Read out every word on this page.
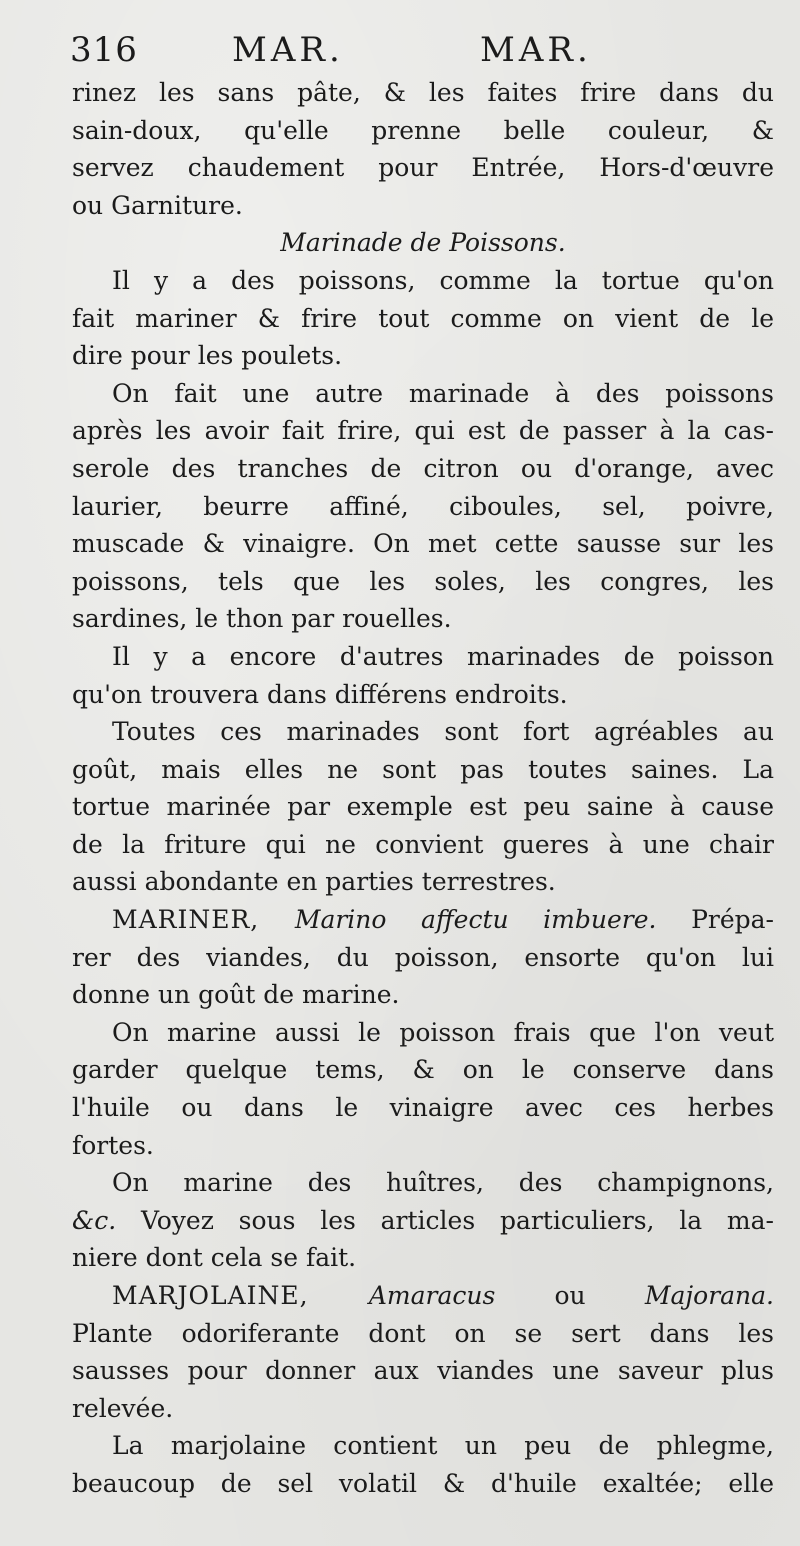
316	MAR.	MAR.
rinez les sans pâte, & les faites frire dans du
sain-doux, qu'elle prenne belle couleur, &
servez chaudement pour Entrée, Hors-d'œuvre
ou Garniture.
Marinade de Poissons.
Il y a des poissons, comme la tortue qu'on
fait mariner & frire tout comme on vient de le
dire pour les poulets.
On fait une autre marinade à des poissons
après les avoir fait frire, qui est de passer à la cas-
serole des tranches de citron ou d'orange, avec
laurier, beurre affiné, ciboules, sel, poivre,
muscade & vinaigre. On met cette sausse sur les
poissons, tels que les soles, les congres, les
sardines, le thon par rouelles.
Il y a encore d'autres marinades de poisson
qu'on trouvera dans différens endroits.
Toutes ces marinades sont fort agréables au
goût, mais elles ne sont pas toutes saines. La
tortue marinée par exemple est peu saine à cause
de la friture qui ne convient gueres à une chair
aussi abondante en parties terrestres.
MARINER, Marino affectu imbuere. Prépa-
rer des viandes, du poisson, ensorte qu'on lui
donne un goût de marine.
On marine aussi le poisson frais que l'on veut
garder quelque tems, & on le conserve dans
l'huile ou dans le vinaigre avec ces herbes
fortes.
On marine des huîtres, des champignons,
&c. Voyez sous les articles particuliers, la ma-
niere dont cela se fait.
MARJOLAINE, Amaracus ou Majorana.
Plante odoriferante dont on se sert dans les
sausses pour donner aux viandes une saveur plus
relevée.
La marjolaine contient un peu de phlegme,
beaucoup de sel volatil & d'huile exaltée; elle
